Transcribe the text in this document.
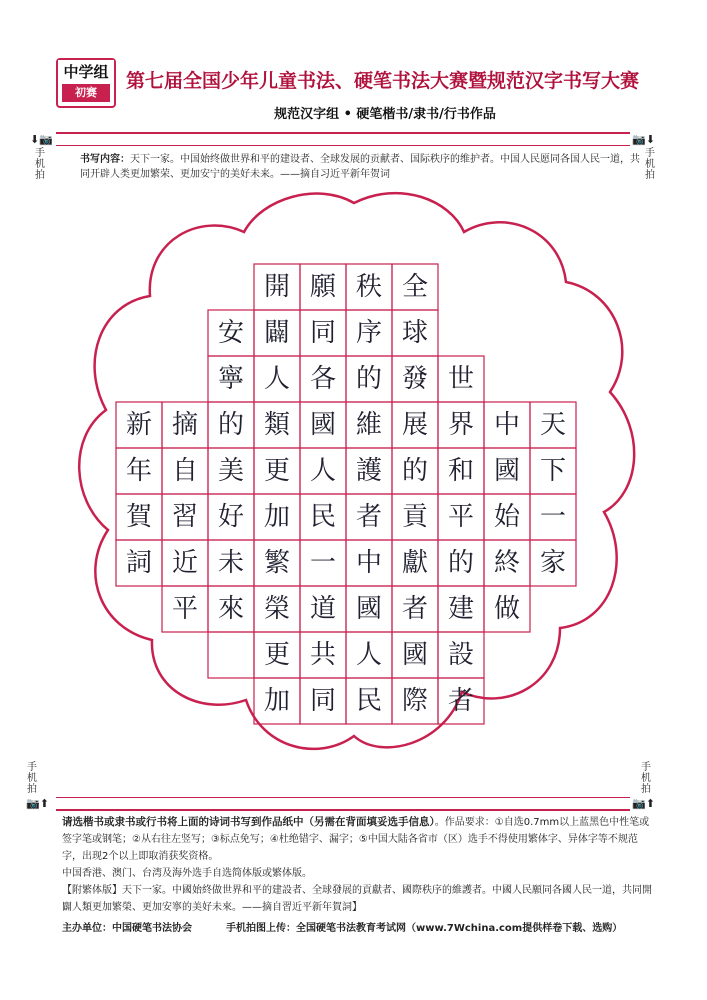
中学组
初赛
第七届全国少年儿童书法、硬笔书法大赛暨规范汉字书写大赛
规范汉字组 • 硬笔楷书/隶书/行书作品
⬇📷
手机拍
📷⬇
手机拍
手机拍
📷⬆
手机拍
📷⬆
书写内容：天下一家。中国始终做世界和平的建设者、全球发展的贡献者、国际秩序的维护者。中国人民愿同各国人民一道，共同开辟人类更加繁荣、更加安宁的美好未来。——摘自习近平新年贺词
天
下
一
家
中
國
始
終
做
世
界
和
平
的
建
設
者
全
球
發
展
的
貢
獻
者
國
際
秩
序
的
維
護
者
中
國
人
民
願
同
各
國
人
民
一
道
共
同
開
闢
人
類
更
加
繁
榮
更
加
安
寧
的
美
好
未
來
摘
自
習
近
平
新
年
賀
詞
请选楷书或隶书或行书将上面的诗词书写到作品纸中（另需在背面填妥选手信息）。作品要求：①自选0.7mm以上蓝黑色中性笔或签字笔或钢笔；②从右往左竖写；③标点免写；④杜绝错字、漏字；⑤中国大陆各省市（区）选手不得使用繁体字、异体字等不规范字，出现2个以上即取消获奖资格。
中国香港、澳门、台湾及海外选手自选简体版或繁体版。
【附繁体版】天下一家。中國始終做世界和平的建設者、全球發展的貢獻者、國際秩序的維護者。中國人民願同各國人民一道，共同開闢人類更加繁榮、更加安寧的美好未來。——摘自習近平新年賀詞】
主办单位：中国硬笔书法协会	手机拍图上传：全国硬笔书法教育考试网（www.7Wchina.com提供样卷下载、选购）
